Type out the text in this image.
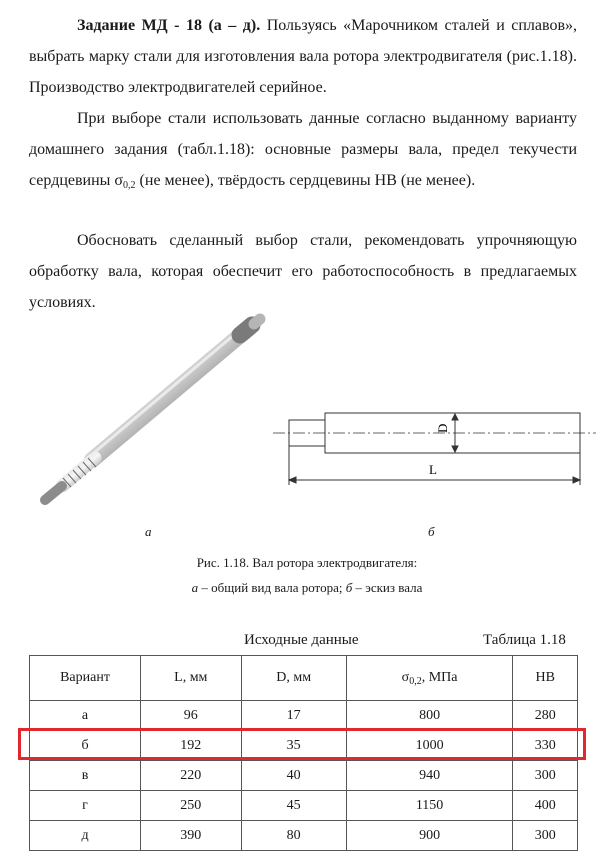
Задание МД - 18 (а – д). Пользуясь «Марочником сталей и сплавов», выбрать марку стали для изготовления вала ротора электродвигателя (рис.1.18). Производство электродвигателей серийное.

При выборе стали использовать данные согласно выданному варианту домашнего задания (табл.1.18): основные размеры вала, предел текучести сердцевины $\sigma_{0,2}$ (не менее), твёрдость сердцевины HB (не менее).

Обосновать сделанный выбор стали, рекомендовать упрочняющую обработку вала, которая обеспечит его работоспособность в предлагаемых условиях.

D
L
а	б
Рис. 1.18. Вал ротора электродвигателя:
а – общий вид вала ротора; б – эскиз вала
Исходные данные	Таблица 1.18
Вариант	L, мм	D, мм	$\sigma_{0,2}$, МПа	HB
а	96	17	800	280
б	192	35	1000	330
в	220	40	940	300
г	250	45	1150	400
д	390	80	900	300
